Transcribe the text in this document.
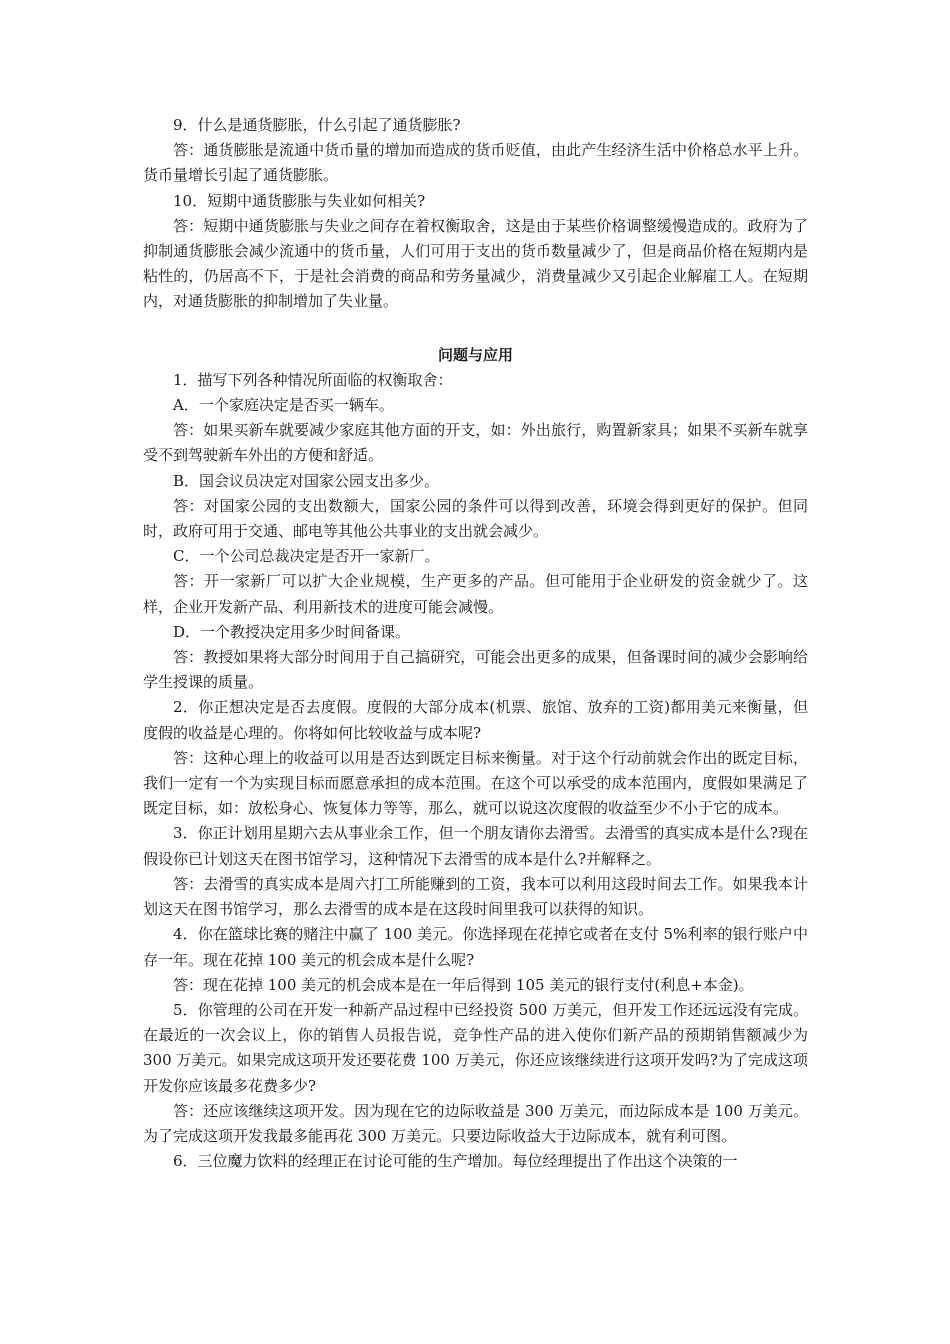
9．什么是通货膨胀，什么引起了通货膨胀?

答：通货膨胀是流通中货币量的增加而造成的货币贬值，由此产生经济生活中价格总水平上升。货币量增长引起了通货膨胀。

10．短期中通货膨胀与失业如何相关?

答：短期中通货膨胀与失业之间存在着权衡取舍，这是由于某些价格调整缓慢造成的。政府为了抑制通货膨胀会减少流通中的货币量，人们可用于支出的货币数量减少了，但是商品价格在短期内是粘性的，仍居高不下，于是社会消费的商品和劳务量减少，消费量减少又引起企业解雇工人。在短期内，对通货膨胀的抑制增加了失业量。

问题与应用

1．描写下列各种情况所面临的权衡取舍：

A．一个家庭决定是否买一辆车。

答：如果买新车就要减少家庭其他方面的开支，如：外出旅行，购置新家具；如果不买新车就享受不到驾驶新车外出的方便和舒适。

B．国会议员决定对国家公园支出多少。

答：对国家公园的支出数额大，国家公园的条件可以得到改善，环境会得到更好的保护。但同时，政府可用于交通、邮电等其他公共事业的支出就会减少。

C．一个公司总裁决定是否开一家新厂。

答：开一家新厂可以扩大企业规模，生产更多的产品。但可能用于企业研发的资金就少了。这样，企业开发新产品、利用新技术的进度可能会减慢。

D．一个教授决定用多少时间备课。

答：教授如果将大部分时间用于自己搞研究，可能会出更多的成果，但备课时间的减少会影响给学生授课的质量。

2．你正想决定是否去度假。度假的大部分成本(机票、旅馆、放弃的工资)都用美元来衡量，但度假的收益是心理的。你将如何比较收益与成本呢?

答：这种心理上的收益可以用是否达到既定目标来衡量。对于这个行动前就会作出的既定目标，我们一定有一个为实现目标而愿意承担的成本范围。在这个可以承受的成本范围内，度假如果满足了既定目标，如：放松身心、恢复体力等等，那么，就可以说这次度假的收益至少不小于它的成本。

3．你正计划用星期六去从事业余工作，但一个朋友请你去滑雪。去滑雪的真实成本是什么?现在假设你已计划这天在图书馆学习，这种情况下去滑雪的成本是什么?并解释之。

答：去滑雪的真实成本是周六打工所能赚到的工资，我本可以利用这段时间去工作。如果我本计划这天在图书馆学习，那么去滑雪的成本是在这段时间里我可以获得的知识。

4．你在篮球比赛的赌注中赢了 100 美元。你选择现在花掉它或者在支付 5%利率的银行账户中存一年。现在花掉 100 美元的机会成本是什么呢?

答：现在花掉 100 美元的机会成本是在一年后得到 105 美元的银行支付(利息+本金)。

5．你管理的公司在开发一种新产品过程中已经投资 500 万美元，但开发工作还远远没有完成。在最近的一次会议上，你的销售人员报告说，竞争性产品的进入使你们新产品的预期销售额减少为 300 万美元。如果完成这项开发还要花费 100 万美元，你还应该继续进行这项开发吗?为了完成这项开发你应该最多花费多少?

答：还应该继续这项开发。因为现在它的边际收益是 300 万美元，而边际成本是 100 万美元。为了完成这项开发我最多能再花 300 万美元。只要边际收益大于边际成本，就有利可图。

6．三位魔力饮料的经理正在讨论可能的生产增加。每位经理提出了作出这个决策的一
